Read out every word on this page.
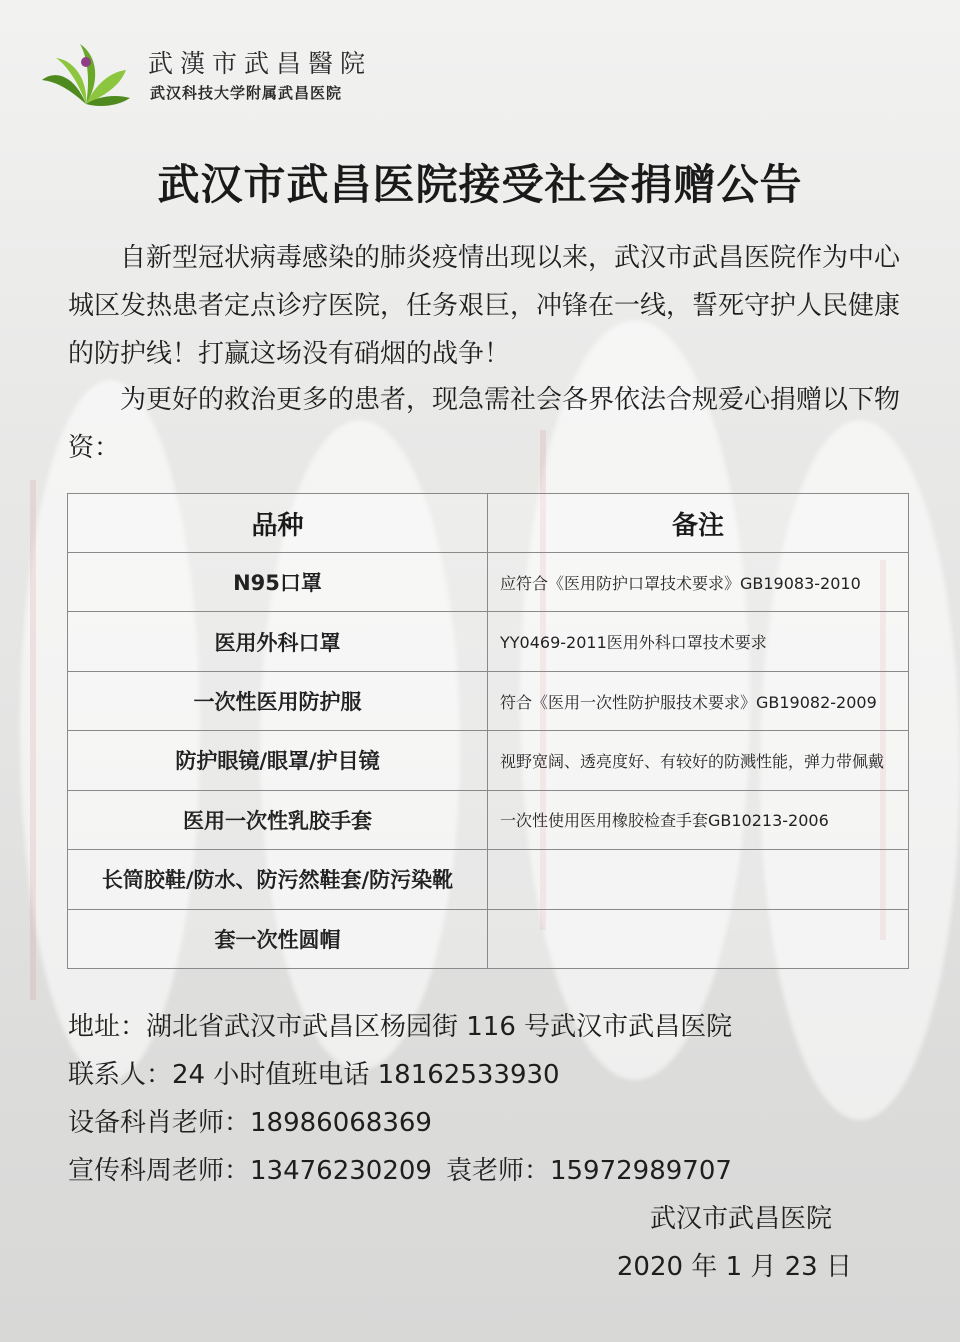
武漢市武昌醫院
武汉科技大学附属武昌医院
武汉市武昌医院接受社会捐赠公告

自新型冠状病毒感染的肺炎疫情出现以来，武汉市武昌医院作为中心城区发热患者定点诊疗医院，任务艰巨，冲锋在一线，誓死守护人民健康的防护线！打赢这场没有硝烟的战争！

为更好的救治更多的患者，现急需社会各界依法合规爱心捐赠以下物资：

品种	备注
N95口罩	应符合《医用防护口罩技术要求》GB19083-2010
医用外科口罩	YY0469-2011医用外科口罩技术要求
一次性医用防护服	符合《医用一次性防护服技术要求》GB19082-2009
防护眼镜/眼罩/护目镜	视野宽阔、透亮度好、有较好的防溅性能，弹力带佩戴
医用一次性乳胶手套	一次性使用医用橡胶检查手套GB10213-2006
长筒胶鞋/防水、防污然鞋套/防污染靴	
套一次性圆帽	
地址：湖北省武汉市武昌区杨园街 116 号武汉市武昌医院
联系人：24 小时值班电话 18162533930
设备科肖老师：18986068369
宣传科周老师：13476230209 袁老师：15972989707
武汉市武昌医院
2020 年 1 月 23 日
